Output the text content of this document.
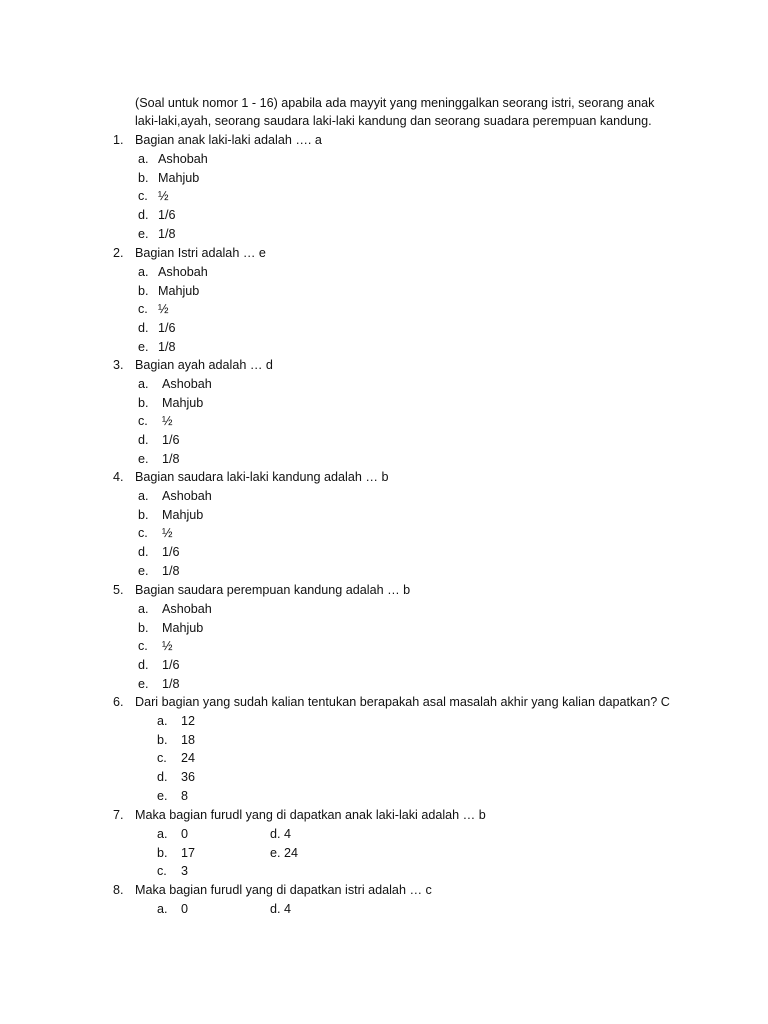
(Soal untuk nomor 1 - 16) apabila ada mayyit yang meninggalkan seorang istri, seorang anak
laki-laki,ayah, seorang saudara laki-laki kandung dan seorang suadara perempuan kandung.
1. Bagian anak laki-laki adalah …. a
a. Ashobah
b. Mahjub
c. ½
d. 1/6
e. 1/8
2. Bagian Istri adalah … e
a. Ashobah
b. Mahjub
c. ½
d. 1/6
e. 1/8
3. Bagian ayah adalah … d
a. Ashobah
b. Mahjub
c. ½
d. 1/6
e. 1/8
4. Bagian saudara laki-laki kandung adalah … b
a. Ashobah
b. Mahjub
c. ½
d. 1/6
e. 1/8
5. Bagian saudara perempuan kandung adalah … b
a. Ashobah
b. Mahjub
c. ½
d. 1/6
e. 1/8
6. Dari bagian yang sudah kalian tentukan berapakah asal masalah akhir yang kalian dapatkan? C
a. 12
b. 18
c. 24
d. 36
e. 8
7. Maka bagian furudl yang di dapatkan anak laki-laki adalah … b
a. 0	d. 4
b. 17	e. 24
c. 3
8. Maka bagian furudl yang di dapatkan istri adalah … c
a. 0	d. 4
